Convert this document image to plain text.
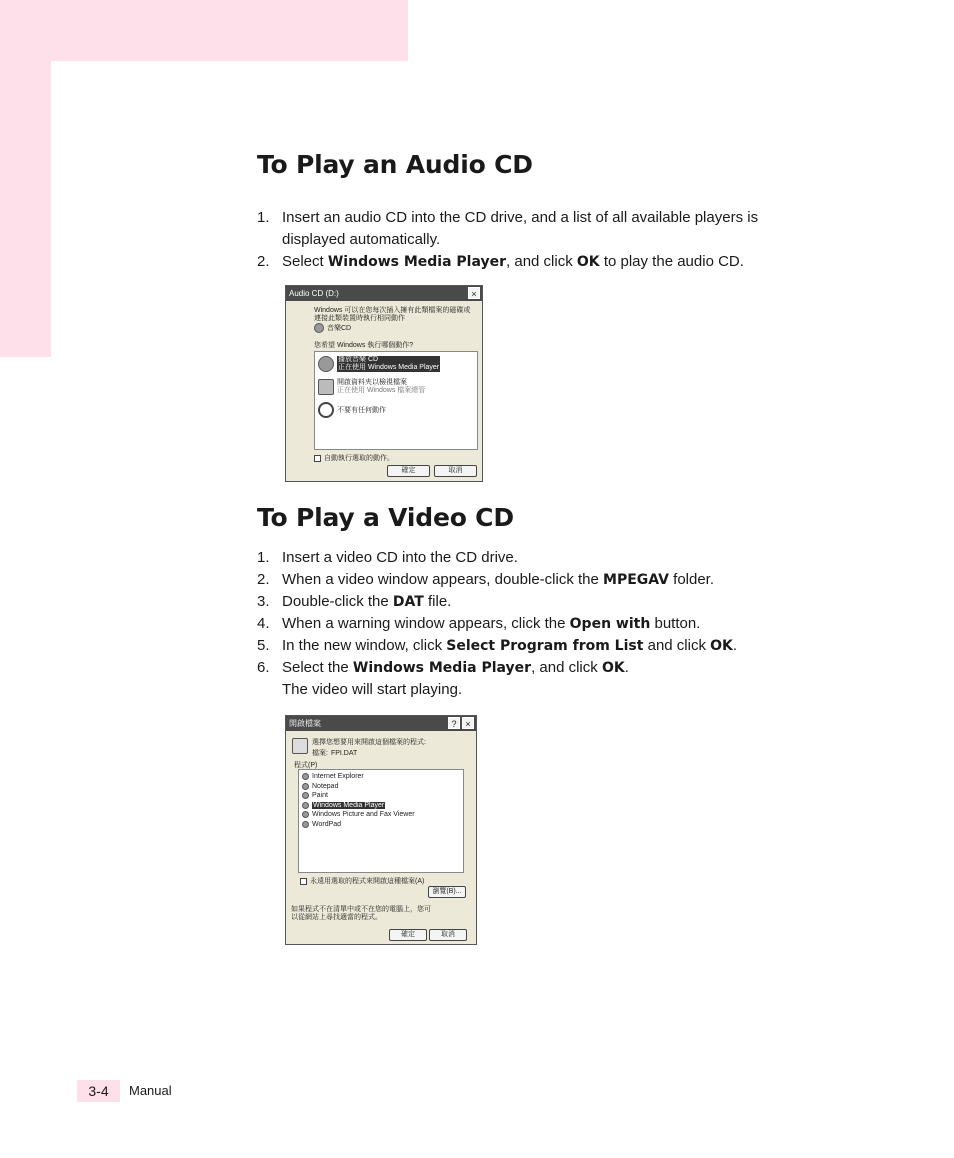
To Play an Audio CD
1. Insert an audio CD into the CD drive, and a list of all available players is displayed automatically.
2. Select Windows Media Player, and click OK to play the audio CD.
To Play a Video CD
1. Insert a video CD into the CD drive.
2. When a video window appears, double-click the MPEGAV folder.
3. Double-click the DAT file.
4. When a warning window appears, click the Open with button.
5. In the new window, click Select Program from List and click OK.
6. Select the Windows Media Player, and click OK.
The video will start playing.
Audio CD (D:)	×
Windows 可以在您每次插入擁有此類檔案的磁碟或連接此類裝置時執行相同動作
音樂CD
您希望 Windows 執行哪個動作?
播放音樂 CD
正在使用 Windows Media Player
開啟資料夾以檢視檔案
正在使用 Windows 檔案總管
不要有任何動作
自動執行選取的動作。
確定	取消
開啟檔案	? ×
選擇您想要用來開啟這個檔案的程式:
檔案: FPI.DAT
程式(P)
Internet Explorer
Notepad
Paint
Windows Media Player
Windows Picture and Fax Viewer
WordPad
永遠用選取的程式來開啟這種檔案(A)
瀏覽(B)...
如果程式不在清單中或不在您的電腦上，您可以從網站上尋找適當的程式。
確定	取消
3-4	Manual
